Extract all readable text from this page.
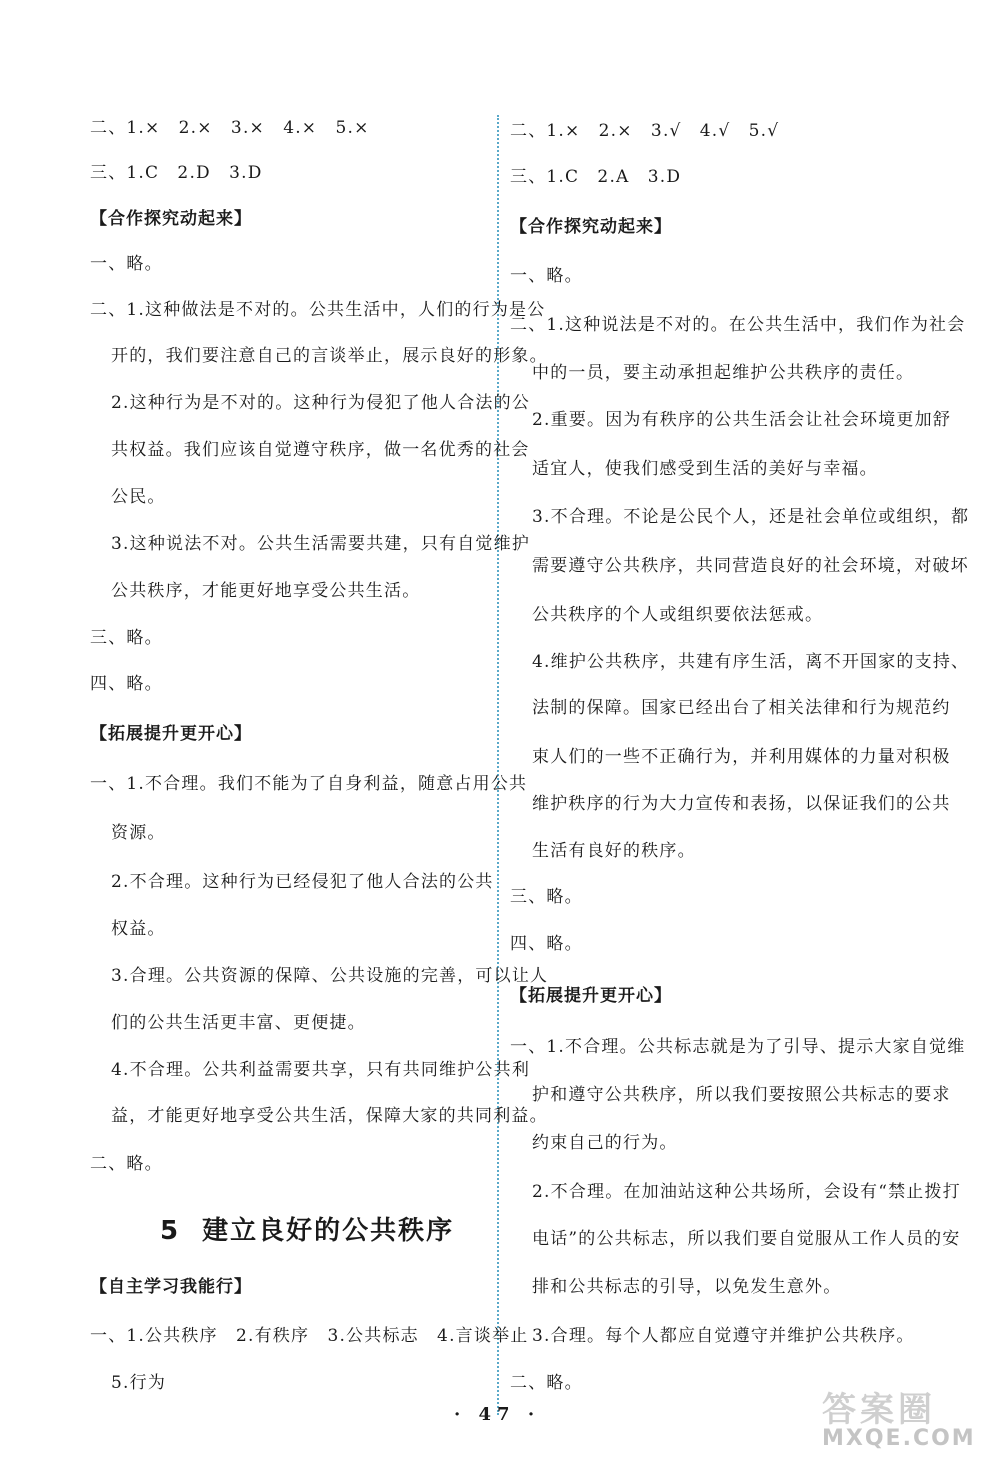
二、1.×　2.×　3.×　4.×　5.×
三、1.C　2.D　3.D
【合作探究动起来】
一、略。
二、1.这种做法是不对的。公共生活中，人们的行为是公
开的，我们要注意自己的言谈举止，展示良好的形象。
2.这种行为是不对的。这种行为侵犯了他人合法的公
共权益。我们应该自觉遵守秩序，做一名优秀的社会
公民。
3.这种说法不对。公共生活需要共建，只有自觉维护
公共秩序，才能更好地享受公共生活。
三、略。
四、略。
【拓展提升更开心】
一、1.不合理。我们不能为了自身利益，随意占用公共
资源。
2.不合理。这种行为已经侵犯了他人合法的公共
权益。
3.合理。公共资源的保障、公共设施的完善，可以让人
们的公共生活更丰富、更便捷。
4.不合理。公共利益需要共享，只有共同维护公共利
益，才能更好地享受公共生活，保障大家的共同利益。
二、略。
5 建立良好的公共秩序
【自主学习我能行】
一、1.公共秩序　2.有秩序　3.公共标志　4.言谈举止
5.行为
二、1.×　2.×　3.√　4.√　5.√
三、1.C　2.A　3.D
【合作探究动起来】
一、略。
二、1.这种说法是不对的。在公共生活中，我们作为社会
中的一员，要主动承担起维护公共秩序的责任。
2.重要。因为有秩序的公共生活会让社会环境更加舒
适宜人，使我们感受到生活的美好与幸福。
3.不合理。不论是公民个人，还是社会单位或组织，都
需要遵守公共秩序，共同营造良好的社会环境，对破坏
公共秩序的个人或组织要依法惩戒。
4.维护公共秩序，共建有序生活，离不开国家的支持、
法制的保障。国家已经出台了相关法律和行为规范约
束人们的一些不正确行为，并利用媒体的力量对积极
维护秩序的行为大力宣传和表扬，以保证我们的公共
生活有良好的秩序。
三、略。
四、略。
【拓展提升更开心】
一、1.不合理。公共标志就是为了引导、提示大家自觉维
护和遵守公共秩序，所以我们要按照公共标志的要求
约束自己的行为。
2.不合理。在加油站这种公共场所，会设有“禁止拨打
电话”的公共标志，所以我们要自觉服从工作人员的安
排和公共标志的引导，以免发生意外。
3.合理。每个人都应自觉遵守并维护公共秩序。
二、略。
· 47 ·	答案圈
MXQE.COM
